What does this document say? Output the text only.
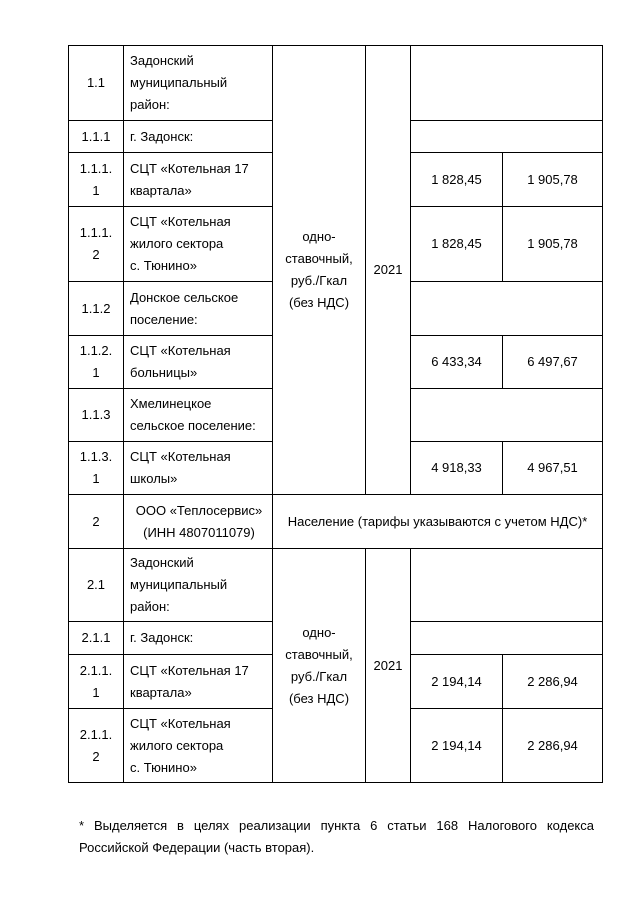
1.1	Задонский
муниципальный
район:	одно-
ставочный,
руб./Гкал
(без НДС)	2021		
1.1.1	г. Задонск:				
1.1.1.
1	СЦТ «Котельная 17
квартала»			1 828,45	1 905,78
1.1.1.
2	СЦТ «Котельная
жилого сектора
с. Тюнино»			1 828,45	1 905,78
1.1.2	Донское сельское
поселение:				
1.1.2.
1	СЦТ «Котельная
больницы»			6 433,34	6 497,67
1.1.3	Хмелинецкое
сельское поселение:				
1.1.3.
1	СЦТ «Котельная
школы»			4 918,33	4 967,51
2	ООО «Теплосервис»
(ИНН 4807011079)	Население (тарифы указываются с учетом НДС)*			
2.1	Задонский
муниципальный
район:	одно-
ставочный,
руб./Гкал
(без НДС)	2021		
2.1.1	г. Задонск:				
2.1.1.
1	СЦТ «Котельная 17
квартала»			2 194,14	2 286,94
2.1.1.
2	СЦТ «Котельная
жилого сектора
с. Тюнино»			2 194,14	2 286,94
* Выделяется в целях реализации пункта 6 статьи 168 Налогового кодекса Российской Федерации (часть вторая).
